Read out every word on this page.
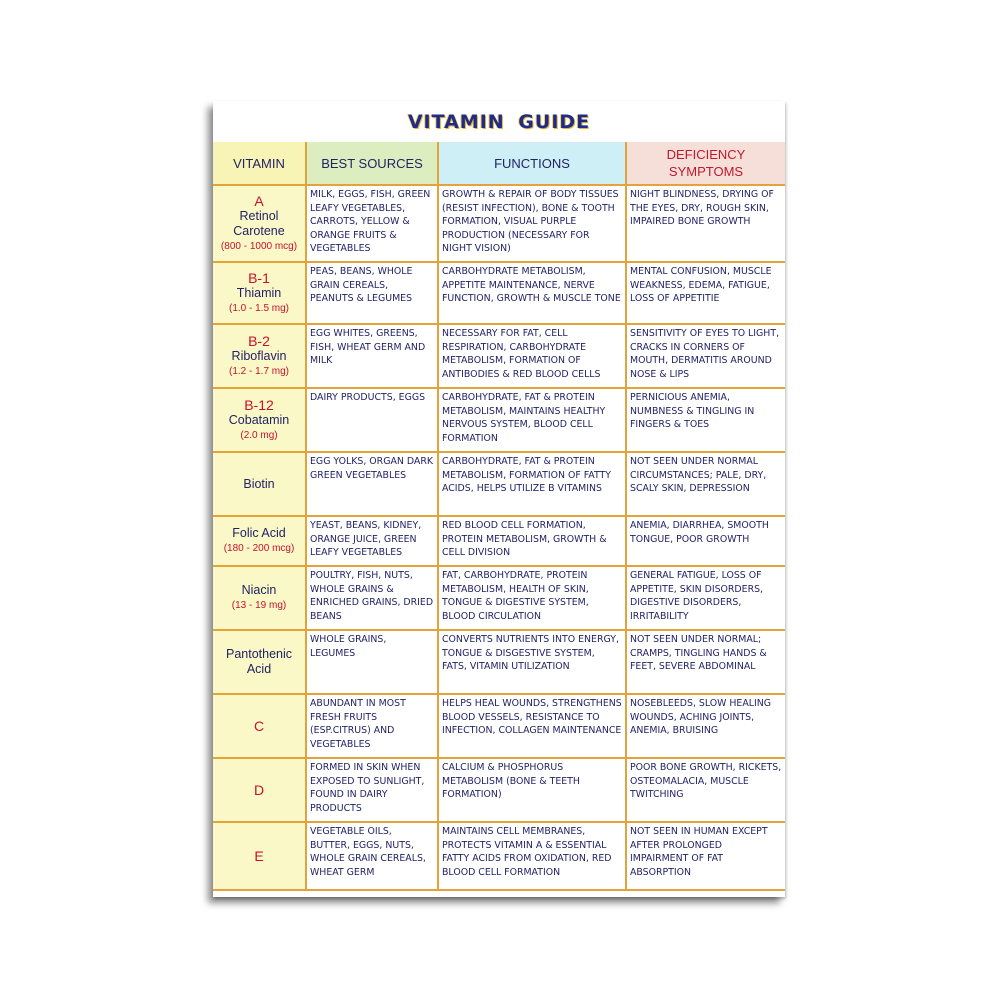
VITAMIN GUIDE
VITAMIN	BEST SOURCES	FUNCTIONS	DEFICIENCY SYMPTOMS

A
Retinol Carotene
(800 - 1000 mcg)	MILK, EGGS, FISH, GREEN LEAFY VEGETABLES, CARROTS, YELLOW & ORANGE FRUITS & VEGETABLES	GROWTH & REPAIR OF BODY TISSUES (RESIST INFECTION), BONE & TOOTH FORMATION, VISUAL PURPLE PRODUCTION (NECESSARY FOR NIGHT VISION)	NIGHT BLINDNESS, DRYING OF THE EYES, DRY, ROUGH SKIN, IMPAIRED BONE GROWTH

B-1
Thiamin
(1.0 - 1.5 mg)	PEAS, BEANS, WHOLE GRAIN CEREALS, PEANUTS & LEGUMES	CARBOHYDRATE METABOLISM, APPETITE MAINTENANCE, NERVE FUNCTION, GROWTH & MUSCLE TONE	MENTAL CONFUSION, MUSCLE WEAKNESS, EDEMA, FATIGUE, LOSS OF APPETITIE

B-2
Riboflavin
(1.2 - 1.7 mg)	EGG WHITES, GREENS, FISH, WHEAT GERM AND MILK	NECESSARY FOR FAT, CELL RESPIRATION, CARBOHYDRATE METABOLISM, FORMATION OF ANTIBODIES & RED BLOOD CELLS	SENSITIVITY OF EYES TO LIGHT, CRACKS IN CORNERS OF MOUTH, DERMATITIS AROUND NOSE & LIPS

B-12
Cobatamin
(2.0 mg)	DAIRY PRODUCTS, EGGS	CARBOHYDRATE, FAT & PROTEIN METABOLISM, MAINTAINS HEALTHY NERVOUS SYSTEM, BLOOD CELL FORMATION	PERNICIOUS ANEMIA, NUMBNESS & TINGLING IN FINGERS & TOES

Biotin	EGG YOLKS, ORGAN DARK GREEN VEGETABLES	CARBOHYDRATE, FAT & PROTEIN METABOLISM, FORMATION OF FATTY ACIDS, HELPS UTILIZE B VITAMINS	NOT SEEN UNDER NORMAL CIRCUMSTANCES; PALE, DRY, SCALY SKIN, DEPRESSION

Folic Acid
(180 - 200 mcg)	YEAST, BEANS, KIDNEY, ORANGE JUICE, GREEN LEAFY VEGETABLES	RED BLOOD CELL FORMATION, PROTEIN METABOLISM, GROWTH & CELL DIVISION	ANEMIA, DIARRHEA, SMOOTH TONGUE, POOR GROWTH

Niacin
(13 - 19 mg)	POULTRY, FISH, NUTS, WHOLE GRAINS & ENRICHED GRAINS, DRIED BEANS	FAT, CARBOHYDRATE, PROTEIN METABOLISM, HEALTH OF SKIN, TONGUE & DIGESTIVE SYSTEM, BLOOD CIRCULATION	GENERAL FATIGUE, LOSS OF APPETITE, SKIN DISORDERS, DIGESTIVE DISORDERS, IRRITABILITY

Pantothenic Acid	WHOLE GRAINS, LEGUMES	CONVERTS NUTRIENTS INTO ENERGY, TONGUE & DISGESTIVE SYSTEM, FATS, VITAMIN UTILIZATION	NOT SEEN UNDER NORMAL; CRAMPS, TINGLING HANDS & FEET, SEVERE ABDOMINAL

C	ABUNDANT IN MOST FRESH FRUITS (ESP.CITRUS) AND VEGETABLES	HELPS HEAL WOUNDS, STRENGTHENS BLOOD VESSELS, RESISTANCE TO INFECTION, COLLAGEN MAINTENANCE	NOSEBLEEDS, SLOW HEALING WOUNDS, ACHING JOINTS, ANEMIA, BRUISING

D	FORMED IN SKIN WHEN EXPOSED TO SUNLIGHT, FOUND IN DAIRY PRODUCTS	CALCIUM & PHOSPHORUS METABOLISM (BONE & TEETH FORMATION)	POOR BONE GROWTH, RICKETS, OSTEOMALACIA, MUSCLE TWITCHING

E	VEGETABLE OILS, BUTTER, EGGS, NUTS, WHOLE GRAIN CEREALS, WHEAT GERM	MAINTAINS CELL MEMBRANES, PROTECTS VITAMIN A & ESSENTIAL FATTY ACIDS FROM OXIDATION, RED BLOOD CELL FORMATION	NOT SEEN IN HUMAN EXCEPT AFTER PROLONGED IMPAIRMENT OF FAT ABSORPTION
